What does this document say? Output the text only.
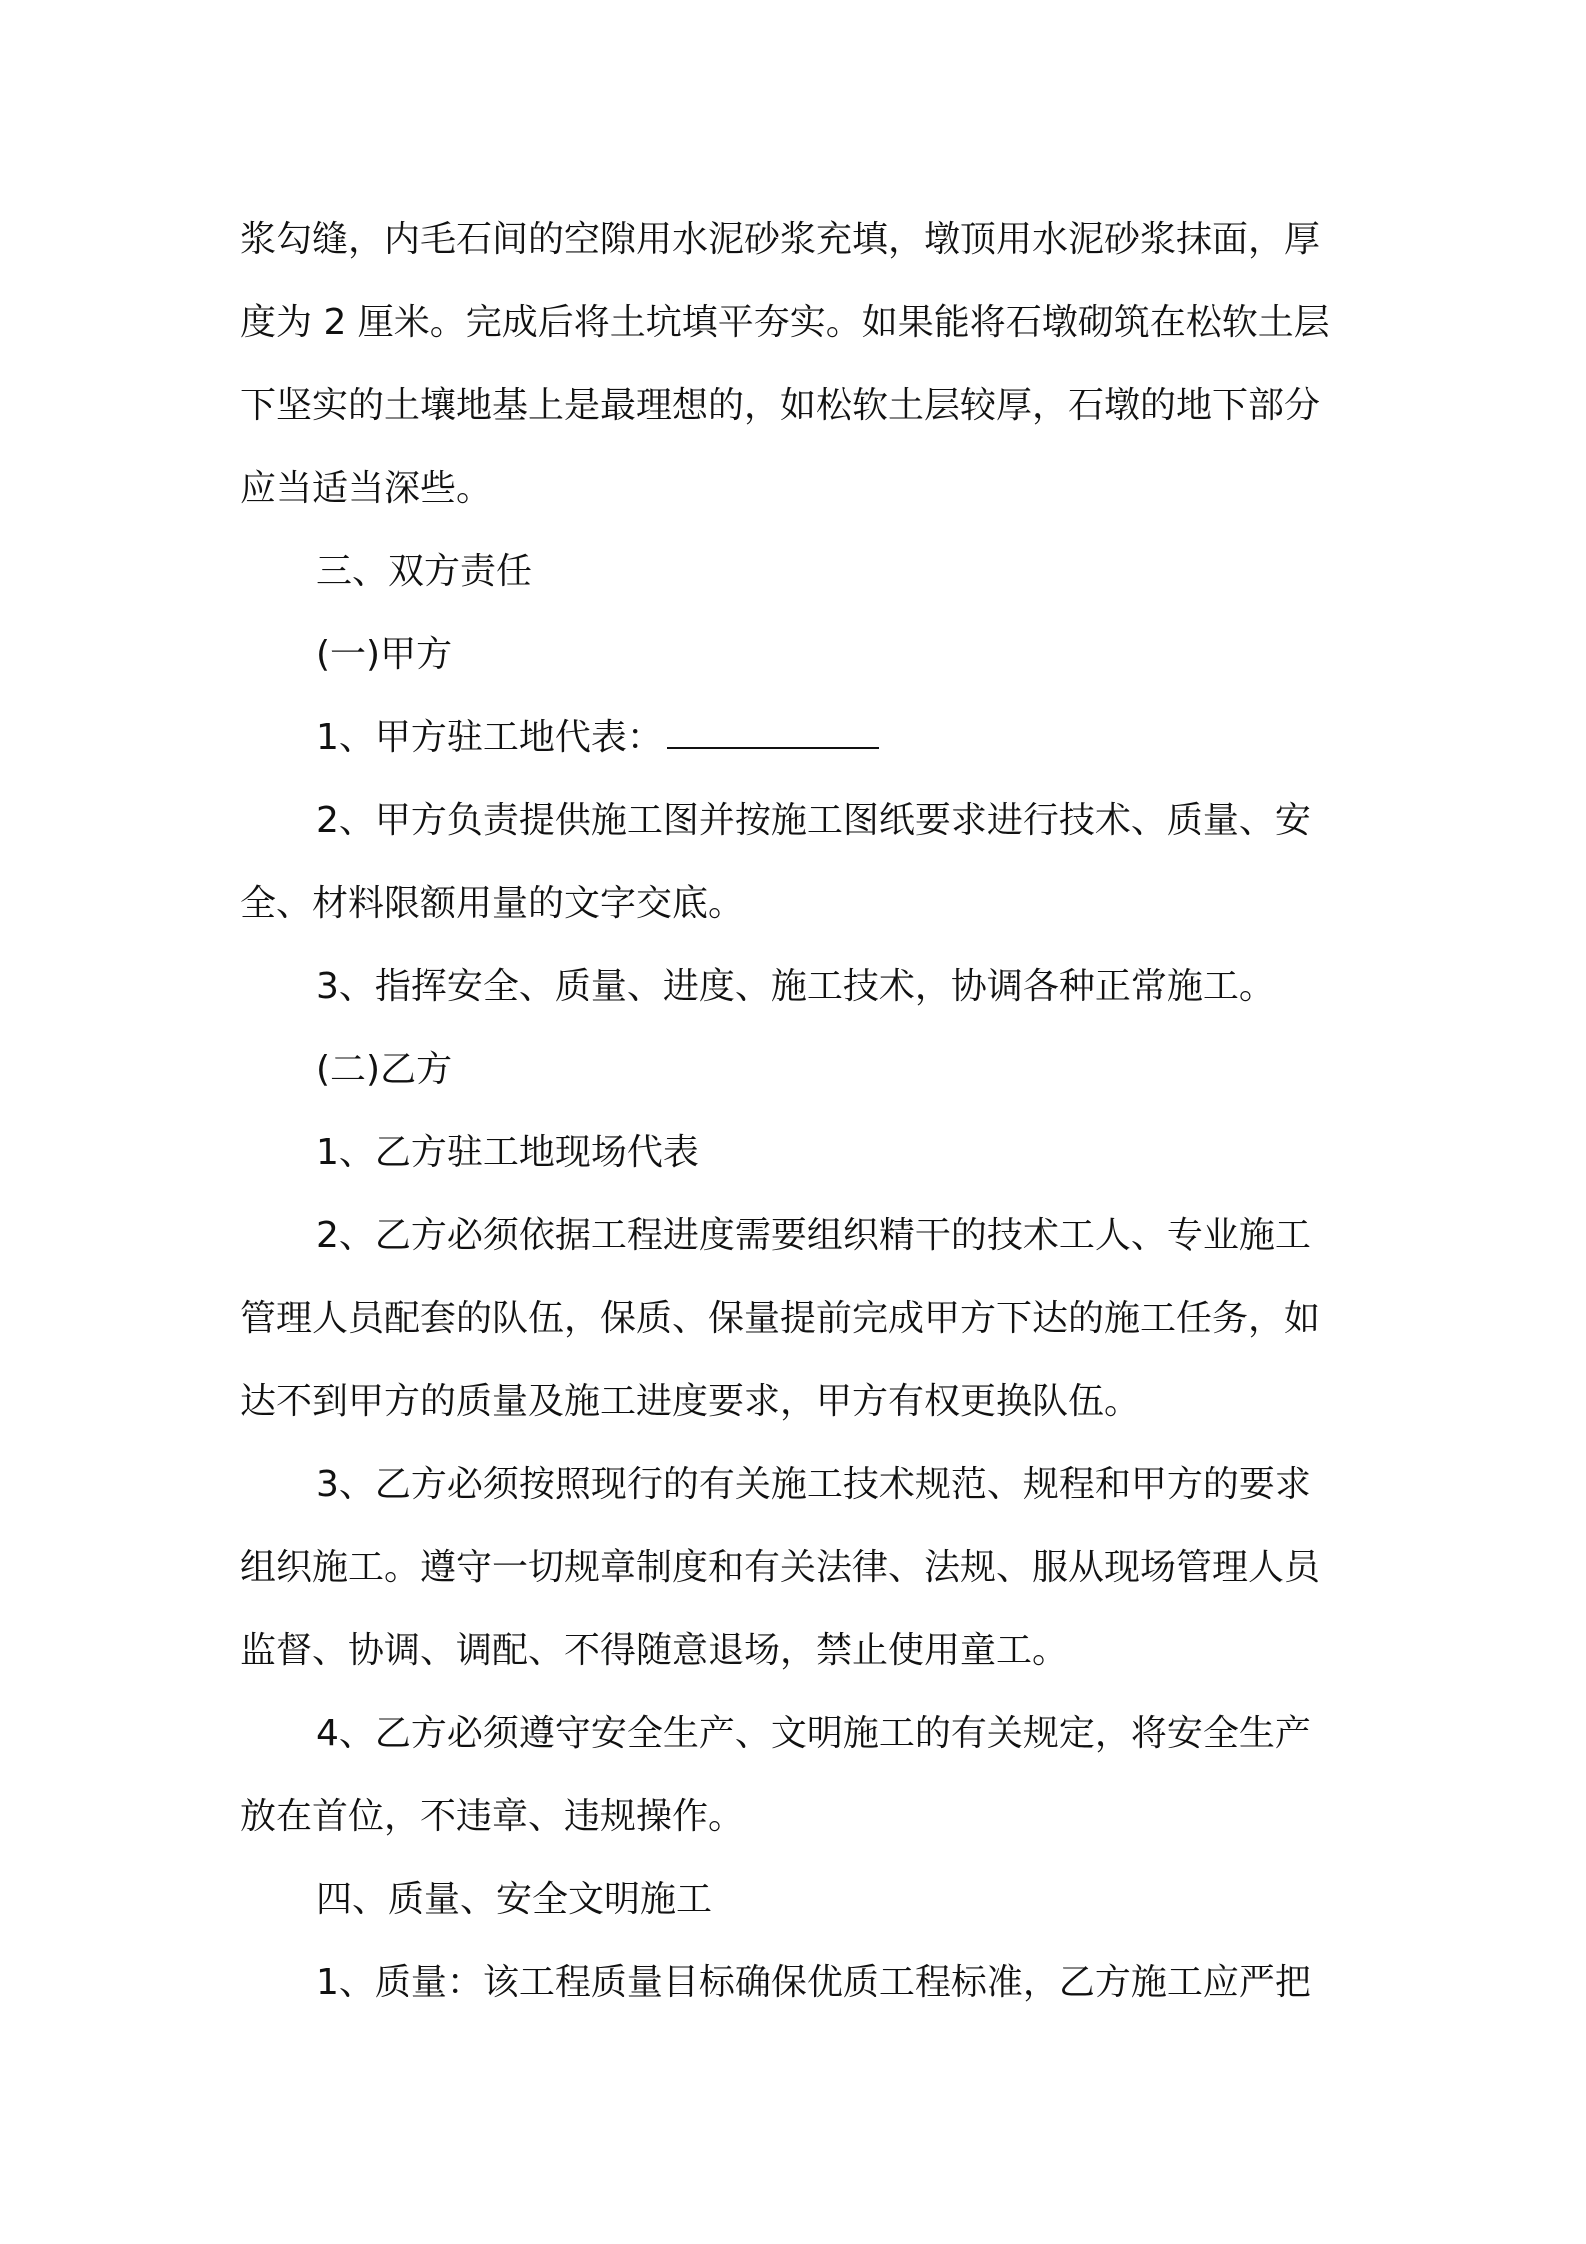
浆勾缝，内毛石间的空隙用水泥砂浆充填，墩顶用水泥砂浆抹面，厚
度为 2 厘米。完成后将土坑填平夯实。如果能将石墩砌筑在松软土层
下坚实的土壤地基上是最理想的，如松软土层较厚，石墩的地下部分
应当适当深些。
三、双方责任
(一)甲方
1、甲方驻工地代表：
2、甲方负责提供施工图并按施工图纸要求进行技术、质量、安
全、材料限额用量的文字交底。
3、指挥安全、质量、进度、施工技术，协调各种正常施工。
(二)乙方
1、乙方驻工地现场代表
2、乙方必须依据工程进度需要组织精干的技术工人、专业施工
管理人员配套的队伍，保质、保量提前完成甲方下达的施工任务，如
达不到甲方的质量及施工进度要求，甲方有权更换队伍。
3、乙方必须按照现行的有关施工技术规范、规程和甲方的要求
组织施工。遵守一切规章制度和有关法律、法规、服从现场管理人员
监督、协调、调配、不得随意退场，禁止使用童工。
4、乙方必须遵守安全生产、文明施工的有关规定，将安全生产
放在首位，不违章、违规操作。
四、质量、安全文明施工
1、质量：该工程质量目标确保优质工程标准，乙方施工应严把
